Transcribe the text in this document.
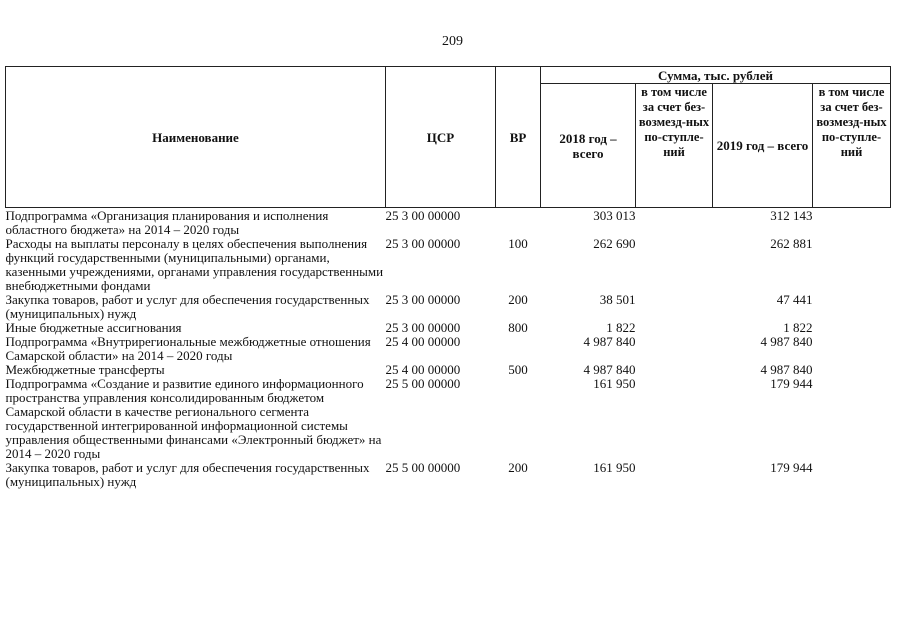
209
Наименование	ЦСР	ВР	Сумма, тыс. рублей			
			2018 год – всего	в том числе за счет без-возмезд-ных по-ступле-ний	2019 год – всего	в том числе за счет без-возмезд-ных по-ступле-ний
Подпрограмма «Организация планирования и исполнения областного бюджета» на 2014 – 2020 годы	25 3 00 00000		303 013		312 143	
Расходы на выплаты персоналу в целях обеспечения выполнения функций государственными (муниципальными) органами, казенными учреждениями, органами управления государственными внебюджетными фондами	25 3 00 00000	100	262 690		262 881	
Закупка товаров, работ и услуг для обеспечения государственных (муниципальных) нужд	25 3 00 00000	200	38 501		47 441	
Иные бюджетные ассигнования	25 3 00 00000	800	1 822		1 822	
Подпрограмма «Внутрирегиональные межбюджетные отношения Самарской области» на 2014 – 2020 годы	25 4 00 00000		4 987 840		4 987 840	
Межбюджетные трансферты	25 4 00 00000	500	4 987 840		4 987 840	
Подпрограмма «Создание и развитие единого информационного пространства управления консолидированным бюджетом Самарской области в качестве регионального сегмента государственной интегрированной информационной системы управления общественными финансами «Электронный бюджет» на 2014 – 2020 годы	25 5 00 00000		161 950		179 944	
Закупка товаров, работ и услуг для обеспечения государственных (муниципальных) нужд	25 5 00 00000	200	161 950		179 944	
